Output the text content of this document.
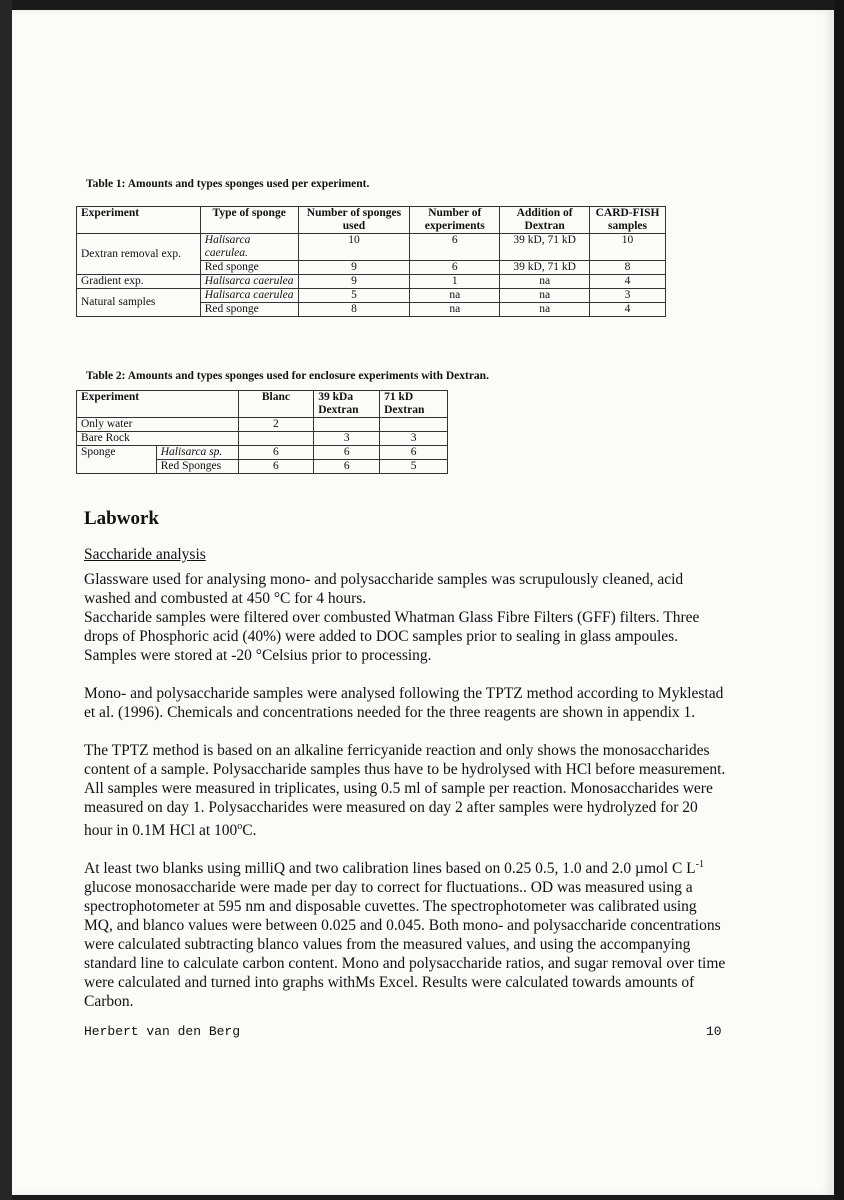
Table 1: Amounts and types sponges used per experiment.
Experiment	Type of sponge	Number of sponges used	Number of experiments	Addition of Dextran	CARD-FISH samples
Dextran removal exp.	Halisarca caerulea.	10	6	39 kD, 71 kD	10
	Red sponge	9	6	39 kD, 71 kD	8
Gradient exp.	Halisarca caerulea	9	1	na	4
Natural samples	Halisarca caerulea	5	na	na	3
	Red sponge	8	na	na	4
Table 2: Amounts and types sponges used for enclosure experiments with Dextran.
Experiment		Blanc	39 kDa Dextran	71 kD Dextran
Only water		2		
Bare Rock			3	3
Sponge	Halisarca sp.	6	6	6
	Red Sponges	6	6	5
Labwork
Saccharide analysis

Glassware used for analysing mono- and polysaccharide samples was scrupulously cleaned, acid washed and combusted at 450 °C for 4 hours.

Saccharide samples were filtered over combusted Whatman Glass Fibre Filters (GFF) filters. Three drops of Phosphoric acid (40%) were added to DOC samples prior to sealing in glass ampoules. Samples were stored at -20 °Celsius prior to processing.

Mono- and polysaccharide samples were analysed following the TPTZ method according to Myklestad et al. (1996). Chemicals and concentrations needed for the three reagents are shown in appendix 1.

The TPTZ method is based on an alkaline ferricyanide reaction and only shows the monosaccharides content of a sample. Polysaccharide samples thus have to be hydrolysed with HCl before measurement. All samples were measured in triplicates, using 0.5 ml of sample per reaction. Monosaccharides were measured on day 1. Polysaccharides were measured on day 2 after samples were hydrolyzed for 20 hour in 0.1M HCl at 100$^o$C.

At least two blanks using milliQ and two calibration lines based on 0.25 0.5, 1.0 and 2.0 µmol C $L^{-1}$ glucose monosaccharide were made per day to correct for fluctuations.. OD was measured using a spectrophotometer at 595 nm and disposable cuvettes. The spectrophotometer was calibrated using MQ, and blanco values were between 0.025 and 0.045. Both mono- and polysaccharide concentrations were calculated subtracting blanco values from the measured values, and using the accompanying standard line to calculate carbon content. Mono and polysaccharide ratios, and sugar removal over time were calculated and turned into graphs withMs Excel. Results were calculated towards amounts of Carbon.

Herbert van den Berg	10
